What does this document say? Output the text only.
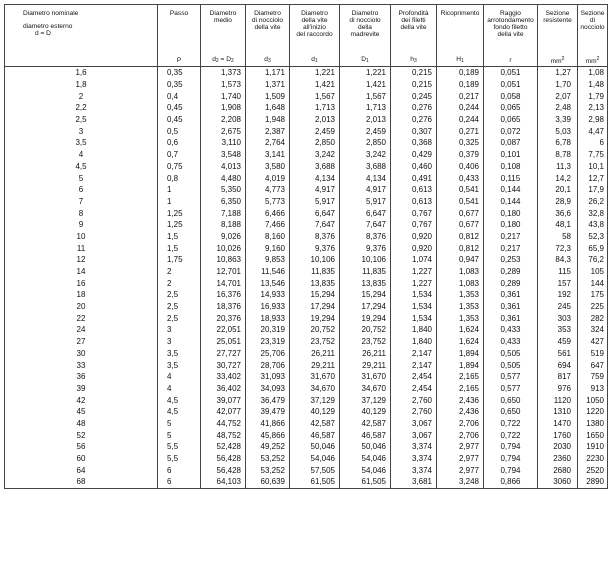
Diametro nominale
diametro esterno
d = D	Passo	Diametro
medio	Diametro
di nocciolo
della vite	Diametro
della vite
all'inizio
del raccordo	Diametro
di nocciolo
della
madrevite	Profondità
dei filetti
della vite	Ricoprimento	Raggio
arrotondamento
fondo filetto
della vite	Sezione
resistente	Sezione
di nocciolo

	P	$d_2 = D_2$	$d_3$	$d_1$	$D_1$	$h_3$	$H_1$	r	$mm^2$	$mm^2$
1,6	0,35	1,373	1,171	1,221	1,221	0,215	0,189	0,051	1,27	1,08
1,8	0,35	1,573	1,371	1,421	1,421	0,215	0,189	0,051	1,70	1,48
2	0,4	1,740	1,509	1,567	1,567	0,245	0,217	0,058	2,07	1,79
2,2	0,45	1,908	1,648	1,713	1,713	0,276	0,244	0,065	2,48	2,13
2,5	0,45	2,208	1,948	2,013	2,013	0,276	0,244	0,065	3,39	2,98
3	0,5	2,675	2,387	2,459	2,459	0,307	0,271	0,072	5,03	4,47
3,5	0,6	3,110	2,764	2,850	2,850	0,368	0,325	0,087	6,78	6
4	0,7	3,548	3,141	3,242	3,242	0,429	0,379	0,101	8,78	7,75
4,5	0,75	4,013	3,580	3,688	3,688	0,460	0,406	0,108	11,3	10,1
5	0,8	4,480	4,019	4,134	4,134	0,491	0,433	0,115	14,2	12,7
6	1	5,350	4,773	4,917	4,917	0,613	0,541	0,144	20,1	17,9
7	1	6,350	5,773	5,917	5,917	0,613	0,541	0,144	28,9	26,2
8	1,25	7,188	6,466	6,647	6,647	0,767	0,677	0,180	36,6	32,8
9	1,25	8,188	7,466	7,647	7,647	0,767	0,677	0,180	48,1	43,8
10	1,5	9,026	8,160	8,376	8,376	0,920	0,812	0,217	58	52,3
11	1,5	10,026	9,160	9,376	9,376	0,920	0,812	0,217	72,3	65,9
12	1,75	10,863	9,853	10,106	10,106	1,074	0,947	0,253	84,3	76,2
14	2	12,701	11,546	11,835	11,835	1,227	1,083	0,289	115	105
16	2	14,701	13,546	13,835	13,835	1,227	1,083	0,289	157	144
18	2,5	16,376	14,933	15,294	15,294	1,534	1,353	0,361	192	175
20	2,5	18,376	16,933	17,294	17,294	1,534	1,353	0,361	245	225
22	2,5	20,376	18,933	19,294	19,294	1,534	1,353	0,361	303	282
24	3	22,051	20,319	20,752	20,752	1,840	1,624	0,433	353	324
27	3	25,051	23,319	23,752	23,752	1,840	1,624	0,433	459	427
30	3,5	27,727	25,706	26,211	26,211	2,147	1,894	0,505	561	519
33	3,5	30,727	28,706	29,211	29,211	2,147	1,894	0,505	694	647
36	4	33,402	31,093	31,670	31,670	2,454	2,165	0,577	817	759
39	4	36,402	34,093	34,670	34,670	2,454	2,165	0,577	976	913
42	4,5	39,077	36,479	37,129	37,129	2,760	2,436	0,650	1120	1050
45	4,5	42,077	39,479	40,129	40,129	2,760	2,436	0,650	1310	1220
48	5	44,752	41,866	42,587	42,587	3,067	2,706	0,722	1470	1380
52	5	48,752	45,866	46,587	46,587	3,067	2,706	0,722	1760	1650
56	5,5	52,428	49,252	50,046	50,046	3,374	2,977	0,794	2030	1910
60	5,5	56,428	53,252	54,046	54,046	3,374	2,977	0,794	2360	2230
64	6	56,428	53,252	57,505	54,046	3,374	2,977	0,794	2680	2520
68	6	64,103	60,639	61,505	61,505	3,681	3,248	0,866	3060	2890
